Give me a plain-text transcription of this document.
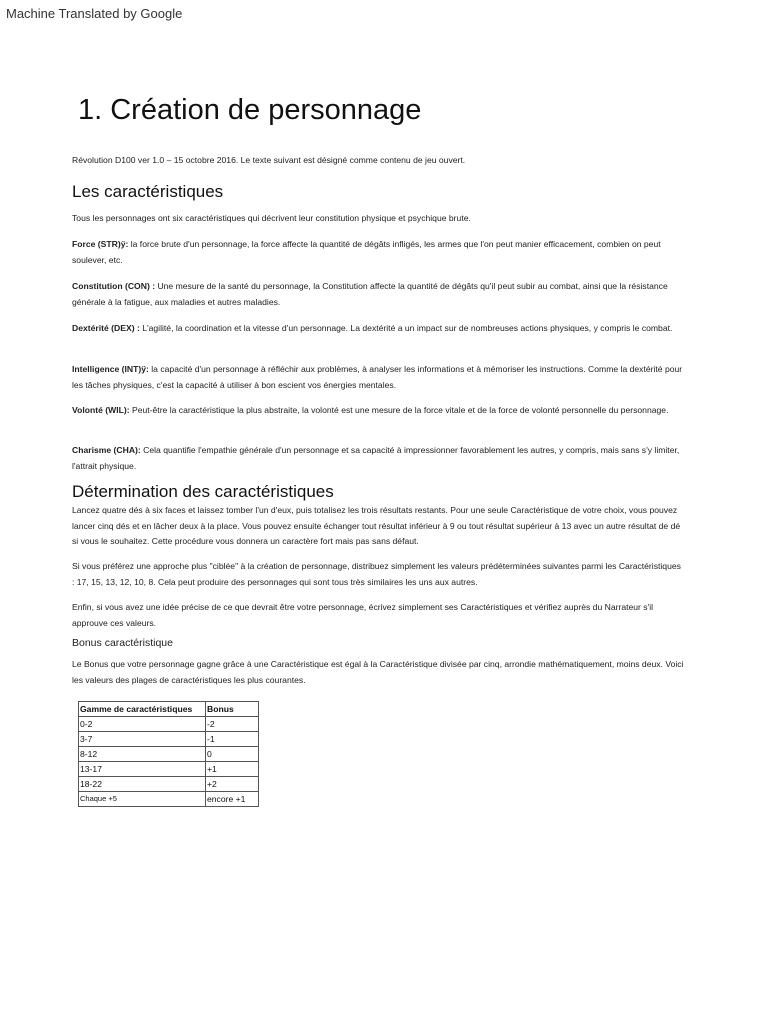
Machine Translated by Google
1. Création de personnage

Révolution D100 ver 1.0 – 15 octobre 2016. Le texte suivant est désigné comme contenu de jeu ouvert.

Les caractéristiques

Tous les personnages ont six caractéristiques qui décrivent leur constitution physique et psychique brute.

Force (STR)ÿ: la force brute d'un personnage, la force affecte la quantité de dégâts infligés, les armes que l'on peut manier efficacement, combien on peut soulever, etc.

Constitution (CON) : Une mesure de la santé du personnage, la Constitution affecte la quantité de dégâts qu'il peut subir au combat, ainsi que la résistance générale à la fatigue, aux maladies et autres maladies.

Dextérité (DEX) : L'agilité, la coordination et la vitesse d'un personnage. La dextérité a un impact sur de nombreuses actions physiques, y compris le combat.

Intelligence (INT)ÿ: la capacité d'un personnage à réfléchir aux problèmes, à analyser les informations et à mémoriser les instructions. Comme la dextérité pour les tâches physiques, c'est la capacité à utiliser à bon escient vos énergies mentales.

Volonté (WIL): Peut-être la caractéristique la plus abstraite, la volonté est une mesure de la force vitale et de la force de volonté personnelle du personnage.

Charisme (CHA): Cela quantifie l'empathie générale d'un personnage et sa capacité à impressionner favorablement les autres, y compris, mais sans s'y limiter, l'attrait physique.

Détermination des caractéristiques

Lancez quatre dés à six faces et laissez tomber l'un d'eux, puis totalisez les trois résultats restants. Pour une seule Caractéristique de votre choix, vous pouvez lancer cinq dés et en lâcher deux à la place. Vous pouvez ensuite échanger tout résultat inférieur à 9 ou tout résultat supérieur à 13 avec un autre résultat de dé si vous le souhaitez. Cette procédure vous donnera un caractère fort mais pas sans défaut.

Si vous préférez une approche plus "ciblée" à la création de personnage, distribuez simplement les valeurs prédéterminées suivantes parmi les Caractéristiques : 17, 15, 13, 12, 10, 8. Cela peut produire des personnages qui sont tous très similaires les uns aux autres.

Enfin, si vous avez une idée précise de ce que devrait être votre personnage, écrivez simplement ses Caractéristiques et vérifiez auprès du Narrateur s'il approuve ces valeurs.

Bonus caractéristique

Le Bonus que votre personnage gagne grâce à une Caractéristique est égal à la Caractéristique divisée par cinq, arrondie mathématiquement, moins deux. Voici les valeurs des plages de caractéristiques les plus courantes.

Gamme de caractéristiques	Bonus
0-2	-2
3-7	-1
8-12	0
13-17	+1
18-22	+2
Chaque +5	encore +1
